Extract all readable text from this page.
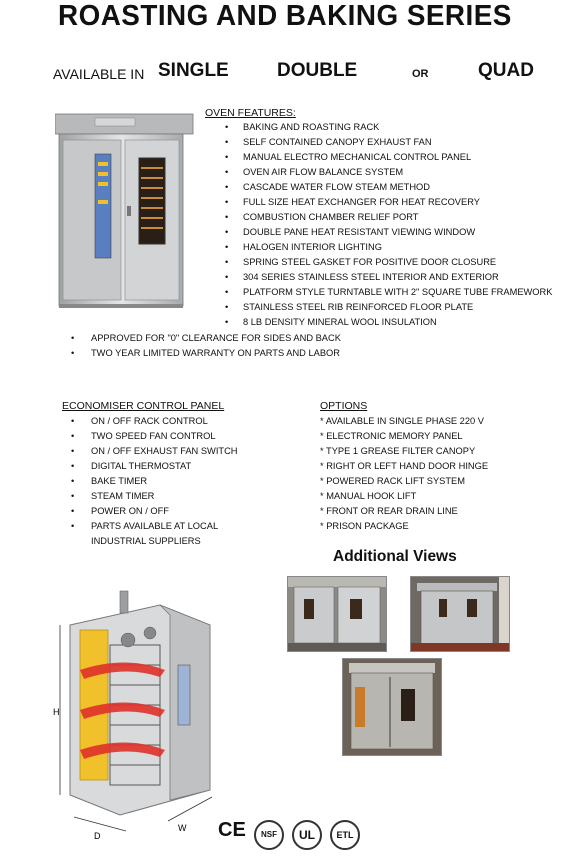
ROASTING AND BAKING SERIES
AVAILABLE IN SINGLE	DOUBLE	OR	QUAD
OVEN FEATURES:
• BAKING AND ROASTING RACK
• SELF CONTAINED CANOPY EXHAUST FAN
• MANUAL ELECTRO MECHANICAL CONTROL PANEL
• OVEN AIR FLOW BALANCE SYSTEM
• CASCADE WATER FLOW STEAM METHOD
• FULL SIZE HEAT EXCHANGER FOR HEAT RECOVERY
• COMBUSTION CHAMBER RELIEF PORT
• DOUBLE PANE HEAT RESISTANT VIEWING WINDOW
• HALOGEN INTERIOR LIGHTING
• SPRING STEEL GASKET FOR POSITIVE DOOR CLOSURE
• 304 SERIES STAINLESS STEEL INTERIOR AND EXTERIOR
• PLATFORM STYLE TURNTABLE WITH 2" SQUARE TUBE FRAMEWORK
• STAINLESS STEEL RIB REINFORCED FLOOR PLATE
• 8 LB DENSITY MINERAL WOOL INSULATION
• APPROVED FOR "0" CLEARANCE FOR SIDES AND BACK
• TWO YEAR LIMITED WARRANTY ON PARTS AND LABOR
ECONOMISER CONTROL PANEL
• ON / OFF RACK CONTROL
• TWO SPEED FAN CONTROL
• ON / OFF EXHAUST FAN SWITCH
• DIGITAL THERMOSTAT
• BAKE TIMER
• STEAM TIMER
• POWER ON / OFF
• PARTS AVAILABLE AT LOCAL INDUSTRIAL SUPPLIERS
OPTIONS
* AVAILABLE IN SINGLE PHASE 220 V
* ELECTRONIC MEMORY PANEL
* TYPE 1 GREASE FILTER CANOPY
* RIGHT OR LEFT HAND DOOR HINGE
* POWERED RACK LIFT SYSTEM
* MANUAL HOOK LIFT
* FRONT OR REAR DRAIN LINE
* PRISON PACKAGE
Additional Views
H
D
W CE	NSF	UL	ETL
